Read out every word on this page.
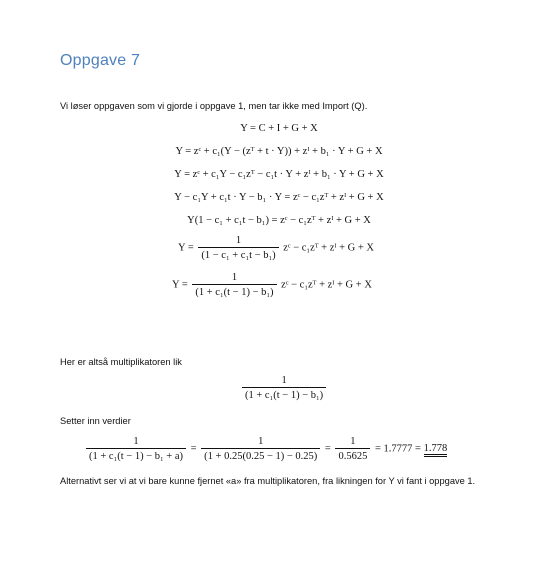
Oppgave 7
Vi løser oppgaven som vi gjorde i oppgave 1, men tar ikke med Import (Q).
Y = C + I + G + X
Y = zᶜ + c₁(Y − (zᵀ + t · Y)) + zᴵ + b₁ · Y + G + X
Y = zᶜ + c₁Y − c₁zᵀ − c₁t · Y + zᴵ + b₁ · Y + G + X
Y − c₁Y + c₁t · Y − b₁ · Y = zᶜ − c₁zᵀ + zᴵ + G + X
Y(1 − c₁ + c₁t − b₁) = zᶜ − c₁zᵀ + zᴵ + G + X
$Y = \frac{1}{\text{(1 − c₁ + c₁t − b₁)}}$ zᶜ − c₁zᵀ + zᴵ + G + X
$Y = \frac{1}{\text{(1 + c₁(t − 1) − b₁)}}$ zᶜ − c₁zᵀ + zᴵ + G + X
Her er altså multiplikatoren lik
$\frac{1}{\text{(1 + c₁(t − 1) − b₁)}}$
Setter inn verdier
$\frac{1}{\text{(1 + c₁(t − 1) − b₁ + a)}} = \frac{1}{(1 + 0.25(0.25 - 1) - 0.25)} = \frac{1}{0.5625} = 1.7777 = 1.778$
Alternativt ser vi at vi bare kunne fjernet «a» fra multiplikatoren, fra likningen for Y vi fant i oppgave 1.
